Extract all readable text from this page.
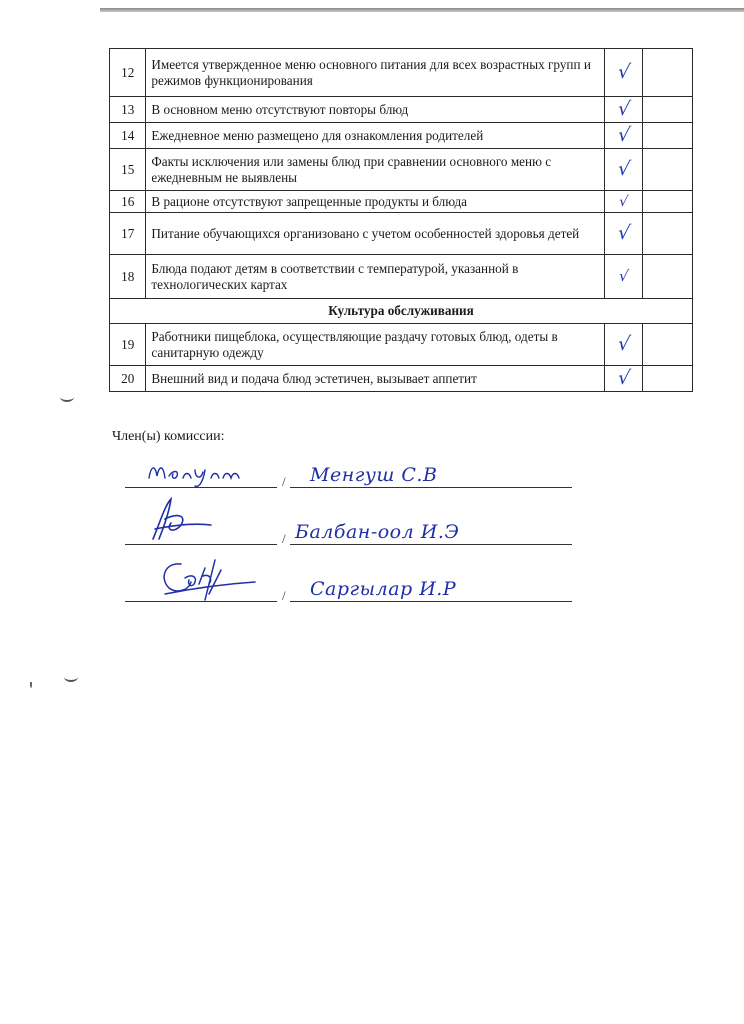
12	Имеется утвержденное меню основного питания для всех возрастных групп и режимов функционирования	√	
13	В основном меню отсутствуют повторы блюд	√	
14	Ежедневное меню размещено для ознакомления родителей	√	
15	Факты исключения или замены блюд при сравнении основного меню с ежедневным не выявлены	√	
16	В рационе отсутствуют запрещенные продукты и блюда	√	
17	Питание обучающихся организовано с учетом особенностей здоровья детей	√	
18	Блюда подают детям в соответствии с температурой, указанной в технологических картах	√	
Культура обслуживания			
19	Работники пищеблока, осуществляющие раздачу готовых блюд, одеты в санитарную одежду	√	
20	Внешний вид и подача блюд эстетичен, вызывает аппетит	√	
Член(ы) комиссии:
/ Менгуш С.В
/ Балбан-оол И.Э
/ Саргылар И.Р
